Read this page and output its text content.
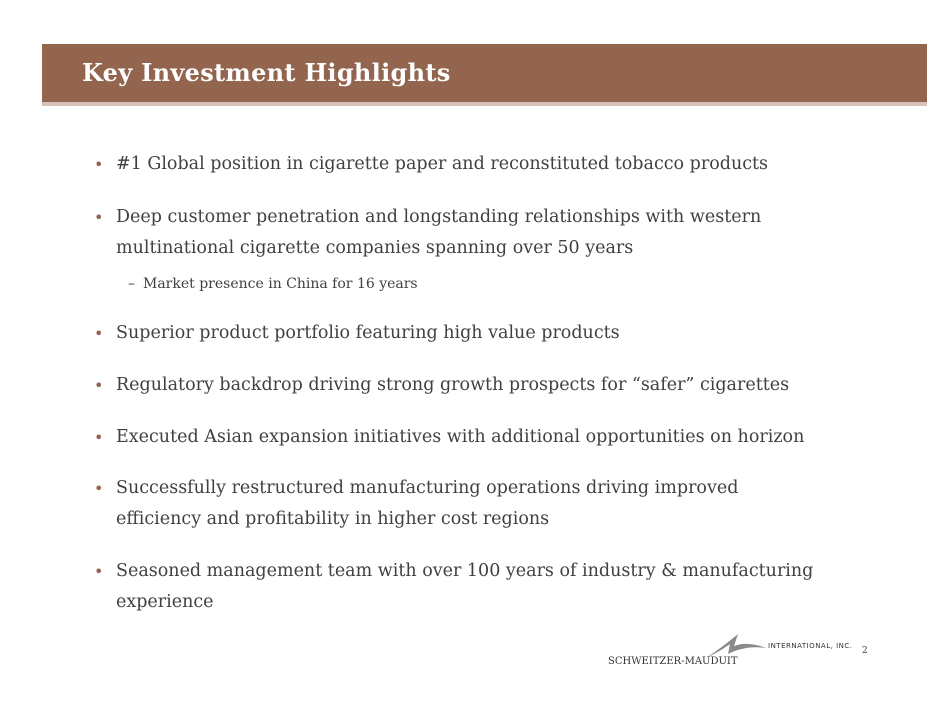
Key Investment Highlights
• #1 Global position in cigarette paper and reconstituted tobacco products
• Deep customer penetration and longstanding relationships with western
multinational cigarette companies spanning over 50 years
– Market presence in China for 16 years
• Superior product portfolio featuring high value products
• Regulatory backdrop driving strong growth prospects for “safer” cigarettes
• Executed Asian expansion initiatives with additional opportunities on horizon
• Successfully restructured manufacturing operations driving improved
efficiency and profitability in higher cost regions
• Seasoned management team with over 100 years of industry & manufacturing
experience
INTERNATIONAL, INC.
SCHWEITZER-MAUDUIT
2
